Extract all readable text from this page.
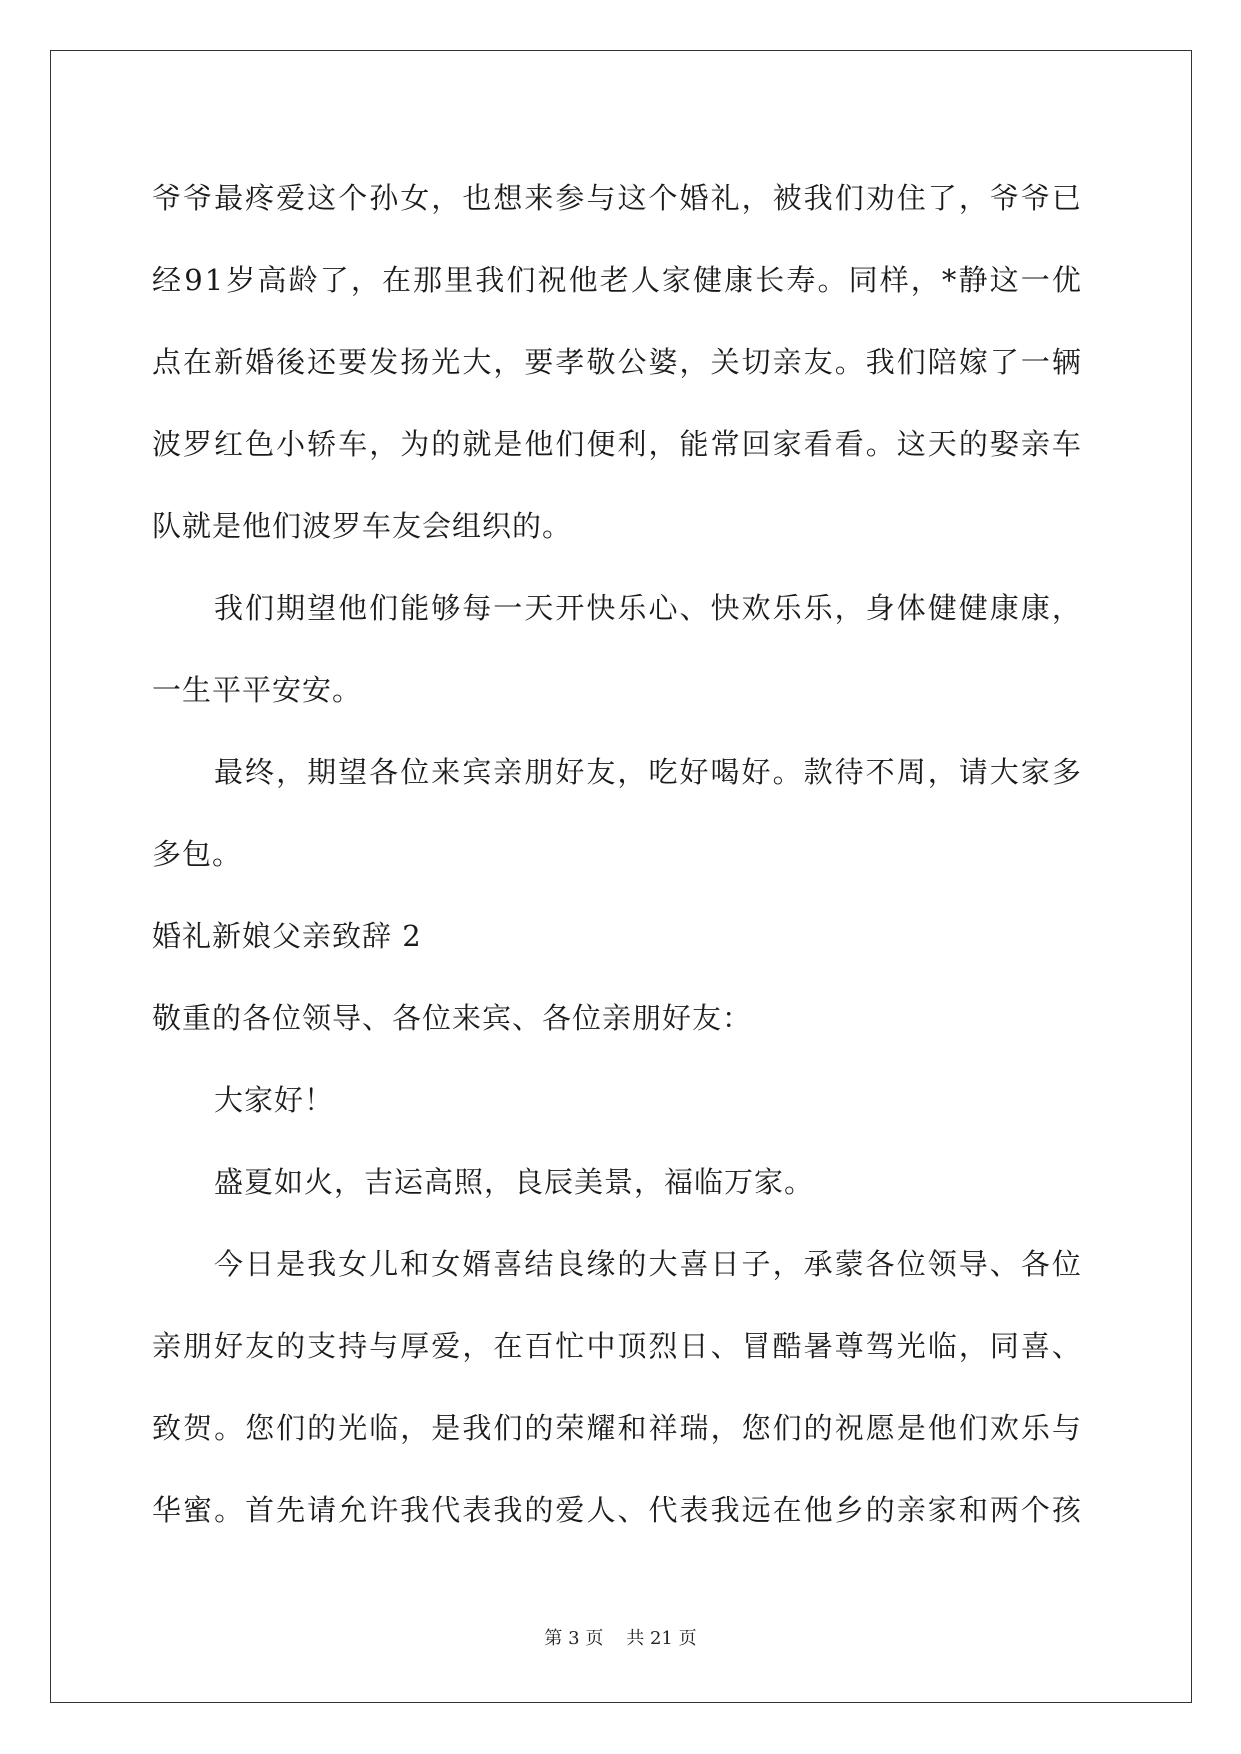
爷 爷 最 疼 爱 这 个 孙 女 ， 也 想 来 参 与 这 个 婚 礼 ， 被 我 们 劝 住 了 ， 爷 爷 已
经 9 1 岁 高 龄 了 ， 在 那 里 我 们 祝 他 老 人 家 健 康 长 寿 。 同 样 ， * 静 这 一 优
点 在 新 婚 後 还 要 发 扬 光 大 ， 要 孝 敬 公 婆 ， 关 切 亲 友 。 我 们 陪 嫁 了 一 辆
波 罗 红 色 小 轿 车 ， 为 的 就 是 他 们 便 利 ， 能 常 回 家 看 看 。 这 天 的 娶 亲 车
队就是他们波罗车友会组织的。
我 们 期 望 他 们 能 够 每 一 天 开 快 乐 心 、 快 欢 乐 乐 ， 身 体 健 健 康 康 ，
一生平平安安。
最 终 ， 期 望 各 位 来 宾 亲 朋 好 友 ， 吃 好 喝 好 。 款 待 不 周 ， 请 大 家 多
多包。
婚礼新娘父亲致辞 2
敬重的各位领导、各位来宾、各位亲朋好友：
大家好！
盛夏如火，吉运高照，良辰美景，福临万家。
今 日 是 我 女 儿 和 女 婿 喜 结 良 缘 的 大 喜 日 子 ， 承 蒙 各 位 领 导 、 各 位
亲 朋 好 友 的 支 持 与 厚 爱 ， 在 百 忙 中 顶 烈 日 、 冒 酷 暑 尊 驾 光 临 ， 同 喜 、
致 贺 。 您 们 的 光 临 ， 是 我 们 的 荣 耀 和 祥 瑞 ， 您 们 的 祝 愿 是 他 们 欢 乐 与
华 蜜 。 首 先 请 允 许 我 代 表 我 的 爱 人 、 代 表 我 远 在 他 乡 的 亲 家 和 两 个 孩
第 3 页 共 21 页
